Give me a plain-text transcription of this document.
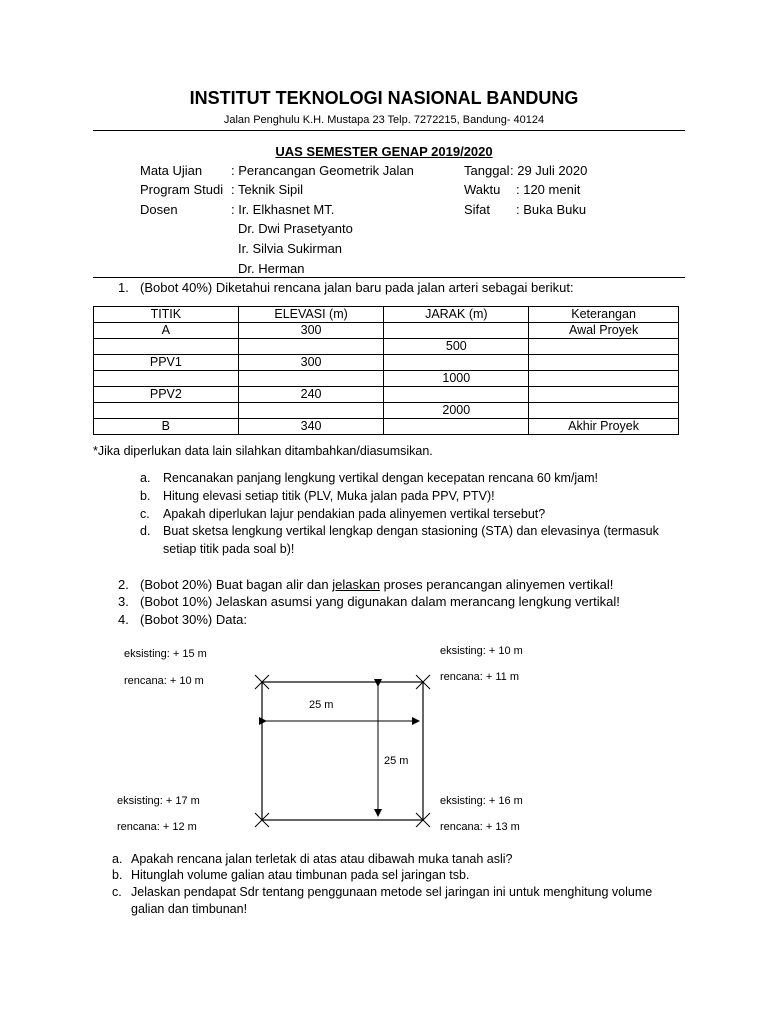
INSTITUT TEKNOLOGI NASIONAL BANDUNG
Jalan Penghulu K.H. Mustapa 23 Telp. 7272215, Bandung- 40124
UAS SEMESTER GENAP 2019/2020
Mata Ujian : Perancangan Geometrik Jalan	Tanggal : 29 Juli 2020
Program Studi : Teknik Sipil	Waktu : 120 menit
Dosen	: Ir. Elkhasnet MT.	Sifat : Buka Buku
Dr. Dwi Prasetyanto
Ir. Silvia Sukirman
Dr. Herman
1. (Bobot 40%) Diketahui rencana jalan baru pada jalan arteri sebagai berikut:
TITIK	ELEVASI (m)	JARAK (m)	Keterangan
A	300		Awal Proyek
		500	
PPV1	300		
		1000	
PPV2	240		
		2000	
B	340		Akhir Proyek
*Jika diperlukan data lain silahkan ditambahkan/diasumsikan.
a. Rencanakan panjang lengkung vertikal dengan kecepatan rencana 60 km/jam!
b. Hitung elevasi setiap titik (PLV, Muka jalan pada PPV, PTV)!
c. Apakah diperlukan lajur pendakian pada alinyemen vertikal tersebut?
d. Buat sketsa lengkung vertikal lengkap dengan stasioning (STA) dan elevasinya (termasuk
setiap titik pada soal b)!
2. (Bobot 20%) Buat bagan alir dan jelaskan proses perancangan alinyemen vertikal!
3. (Bobot 10%) Jelaskan asumsi yang digunakan dalam merancang lengkung vertikal!
4. (Bobot 30%) Data:
25 m
25 m
eksisting: + 15 m
rencana: + 10 m
eksisting: + 10 m
rencana: + 11 m
eksisting: + 17 m
rencana: + 12 m
eksisting: + 16 m
rencana: + 13 m
a. Apakah rencana jalan terletak di atas atau dibawah muka tanah asli?
b. Hitunglah volume galian atau timbunan pada sel jaringan tsb.
c. Jelaskan pendapat Sdr tentang penggunaan metode sel jaringan ini untuk menghitung volume
galian dan timbunan!
